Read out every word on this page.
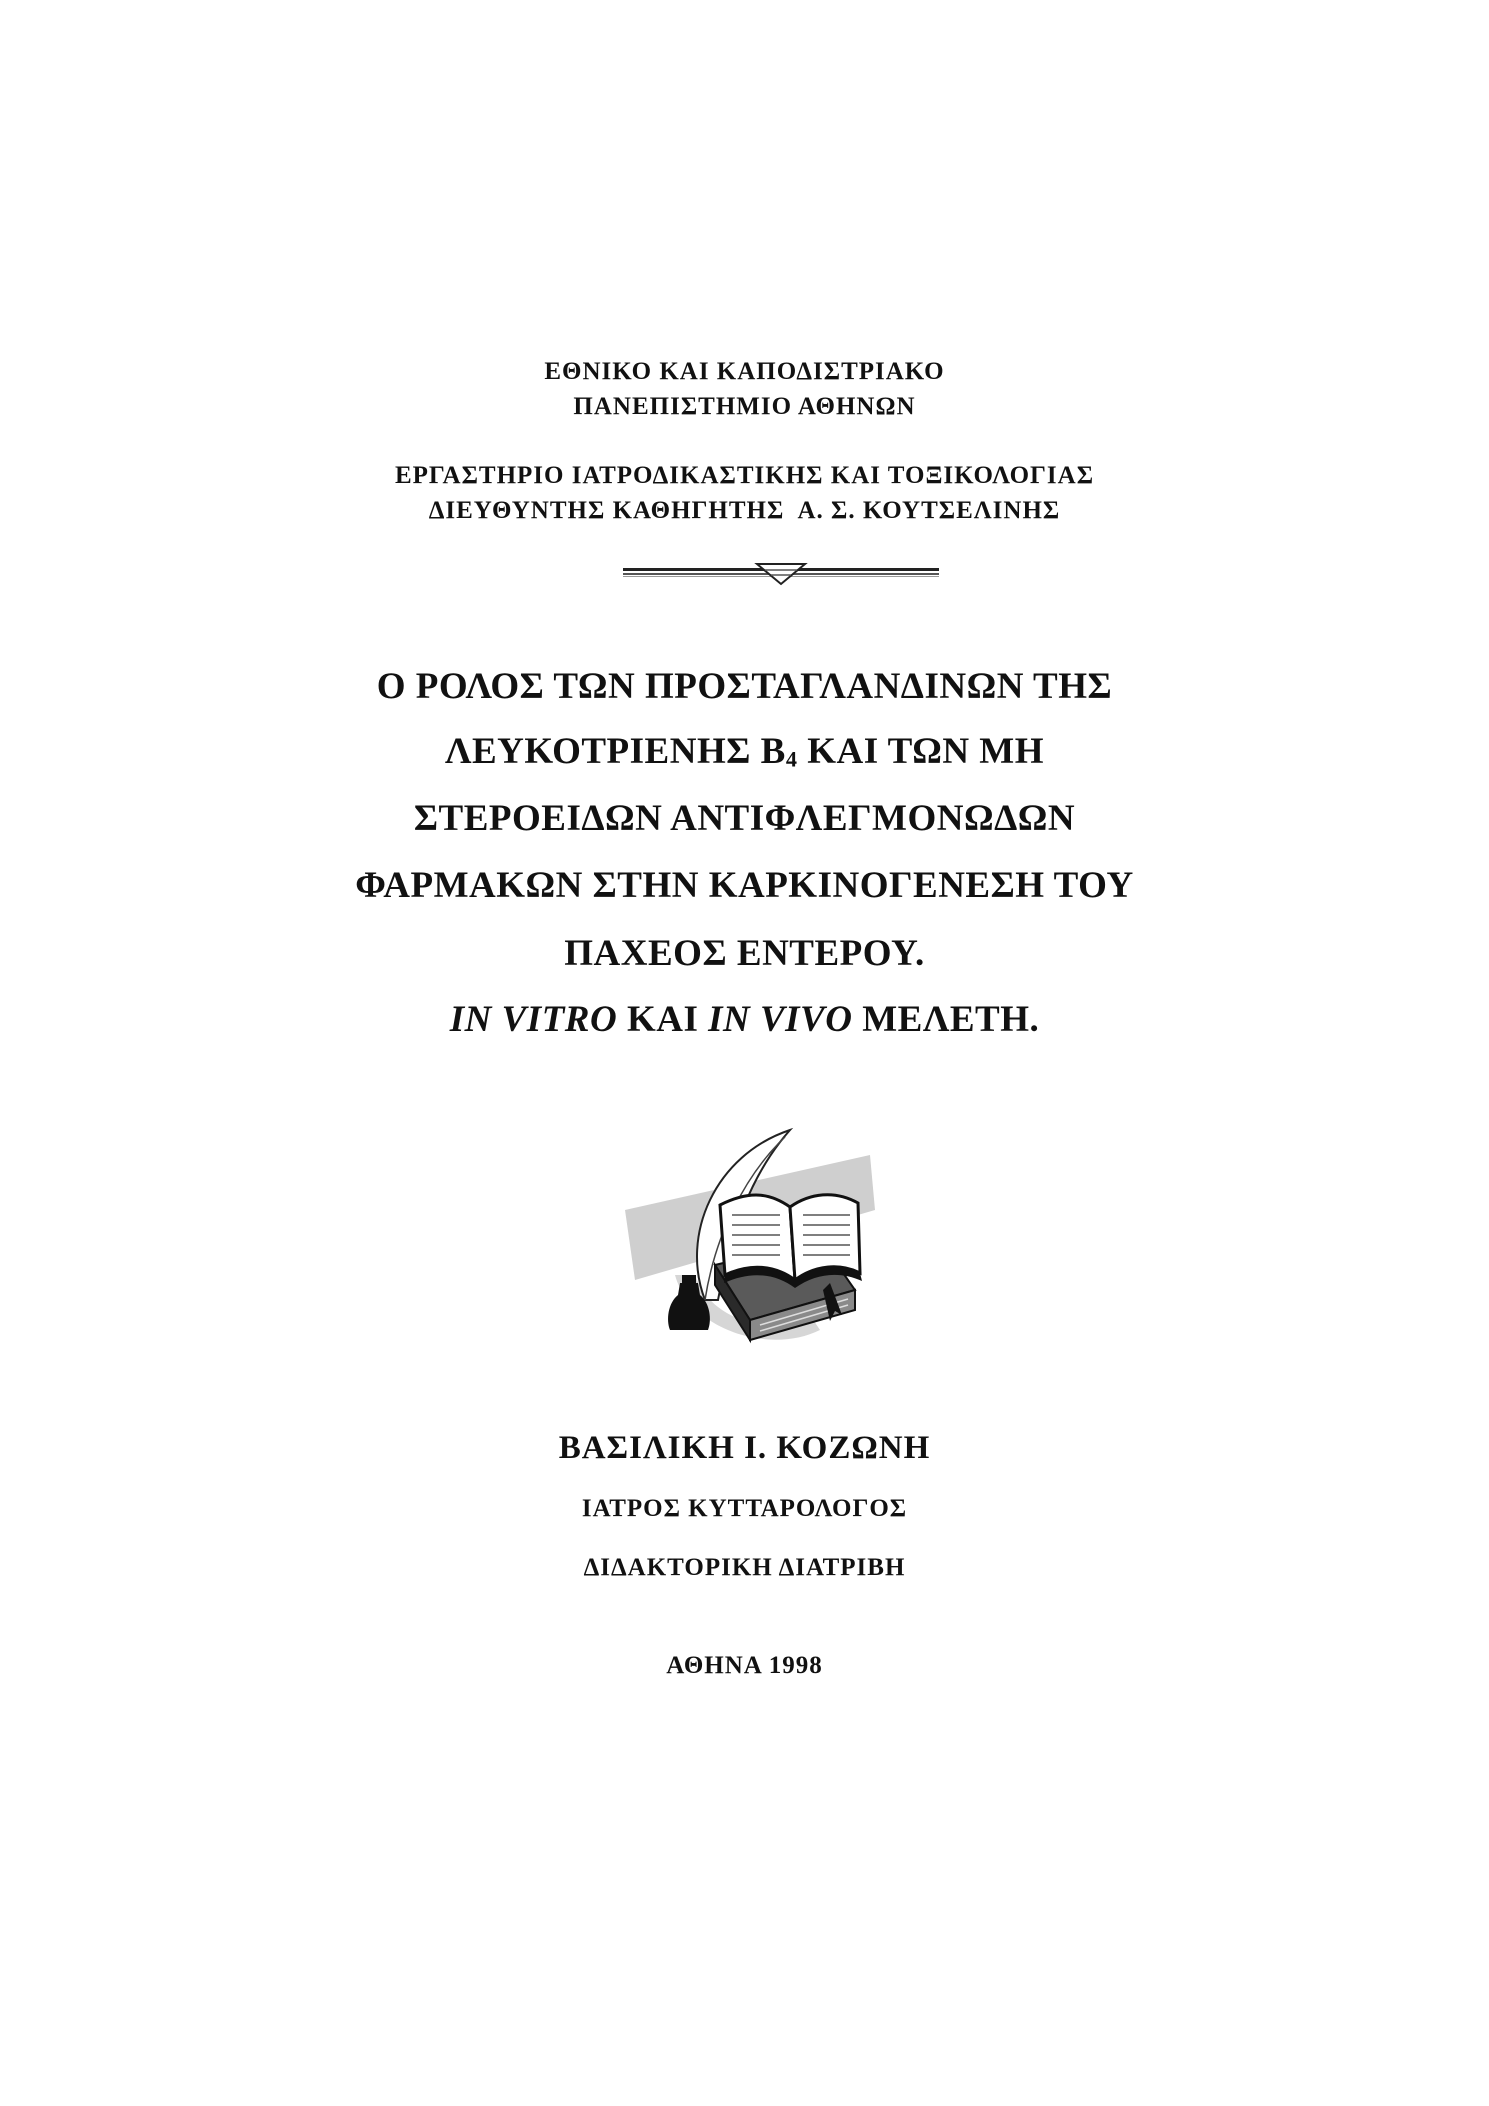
ΕΘΝΙΚΟ ΚΑΙ ΚΑΠΟΔΙΣΤΡΙΑΚΟ
ΠΑΝΕΠΙΣΤΗΜΙΟ ΑΘΗΝΩΝ
ΕΡΓΑΣΤΗΡΙΟ ΙΑΤΡΟΔΙΚΑΣΤΙΚΗΣ ΚΑΙ ΤΟΞΙΚΟΛΟΓΙΑΣ
ΔΙΕΥΘΥΝΤΗΣ ΚΑΘΗΓΗΤΗΣ  Α. Σ. ΚΟΥΤΣΕΛΙΝΗΣ
Ο ΡΟΛΟΣ ΤΩΝ ΠΡΟΣΤΑΓΛΑΝΔΙΝΩΝ ΤΗΣ
ΛΕΥΚΟΤΡΙΕΝΗΣ $B_4$ ΚΑΙ ΤΩΝ ΜΗ
ΣΤΕΡΟΕΙΔΩΝ ΑΝΤΙΦΛΕΓΜΟΝΩΔΩΝ
ΦΑΡΜΑΚΩΝ ΣΤΗΝ ΚΑΡΚΙΝΟΓΕΝΕΣΗ ΤΟΥ
ΠΑΧΕΟΣ ΕΝΤΕΡΟΥ.
IN VITRO ΚΑΙ IN VIVO ΜΕΛΕΤΗ.
ΒΑΣΙΛΙΚΗ Ι. ΚΟΖΩΝΗ
ΙΑΤΡΟΣ ΚΥΤΤΑΡΟΛΟΓΟΣ
ΔΙΔΑΚΤΟΡΙΚΗ ΔΙΑΤΡΙΒΗ
ΑΘΗΝΑ 1998
